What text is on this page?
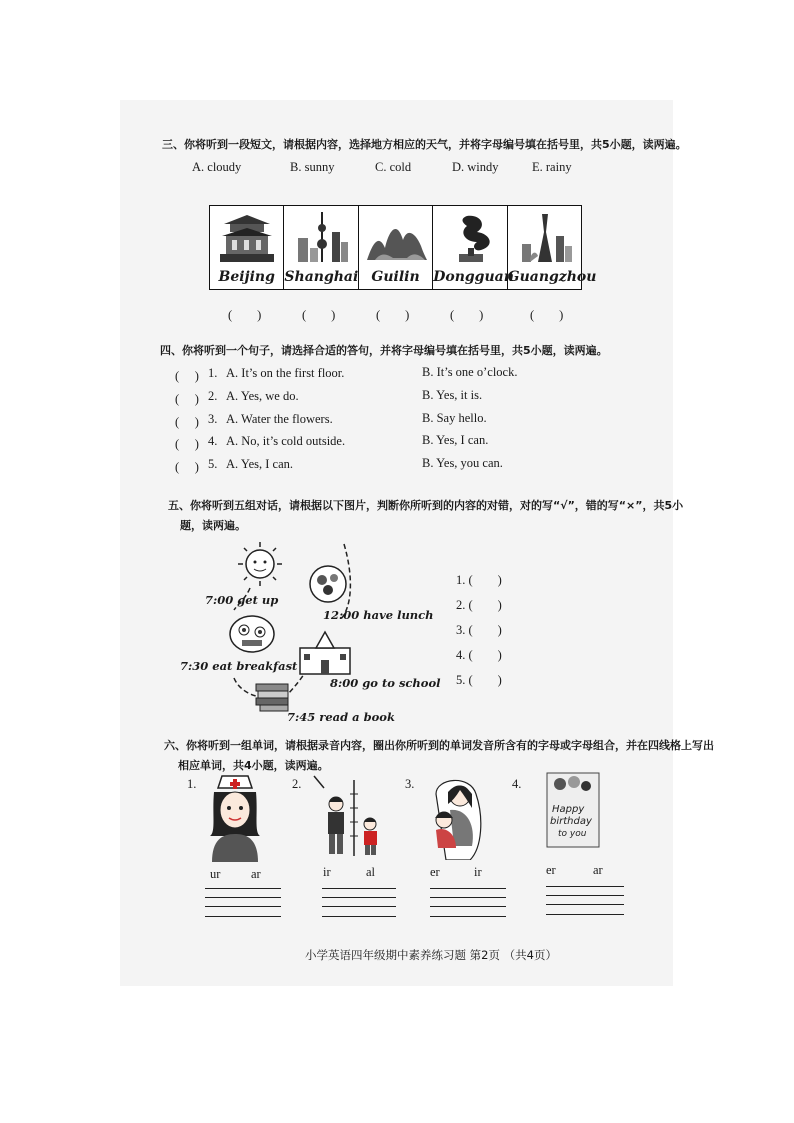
三、你将听到一段短文，请根据内容，选择地方相应的天气，并将字母编号填在括号里，共5小题，读两遍。
A. cloudy	B. sunny	C. cold	D. windy	E. rainy
Beijing Shanghai Guilin Dongguan
Guangzhou
(　　)	(　　)	(　　)	(　　)	(　　)
四、你将听到一个句子，请选择合适的答句，并将字母编号填在括号里，共5小题，读两遍。
(　 ) 1. A. It’s on the first floor.	B. It’s one o’clock.
(　 ) 2. A. Yes, we do.	B. Yes, it is.
(　 ) 3. A. Water the flowers.	B. Say hello.
(　 ) 4. A. No, it’s cold outside.	B. Yes, I can.
(　 ) 5. A. Yes, I can.	B. Yes, you can.
五、你将听到五组对话，请根据以下图片，判断你所听到的内容的对错，对的写“√”，错的写“×”，共5小
题，读两遍。
7:00 get up
12:00 have lunch
7:30 eat breakfast
8:00 go to school
7:45 read a book
1. (　　)
2. (　　)
3. (　　)
4. (　　)
5. (　　)
六、你将听到一组单词，请根据录音内容，圈出你所听到的单词发音所含有的字母或字母组合，并在四线格上写出
相应单词，共4小题，读两遍。
1.	2.	3.	4.
Happy
birthday
to you
ur ar	ir	al	er	ir	er	ar
小学英语四年级期中素养练习题 第2页 （共4页）
